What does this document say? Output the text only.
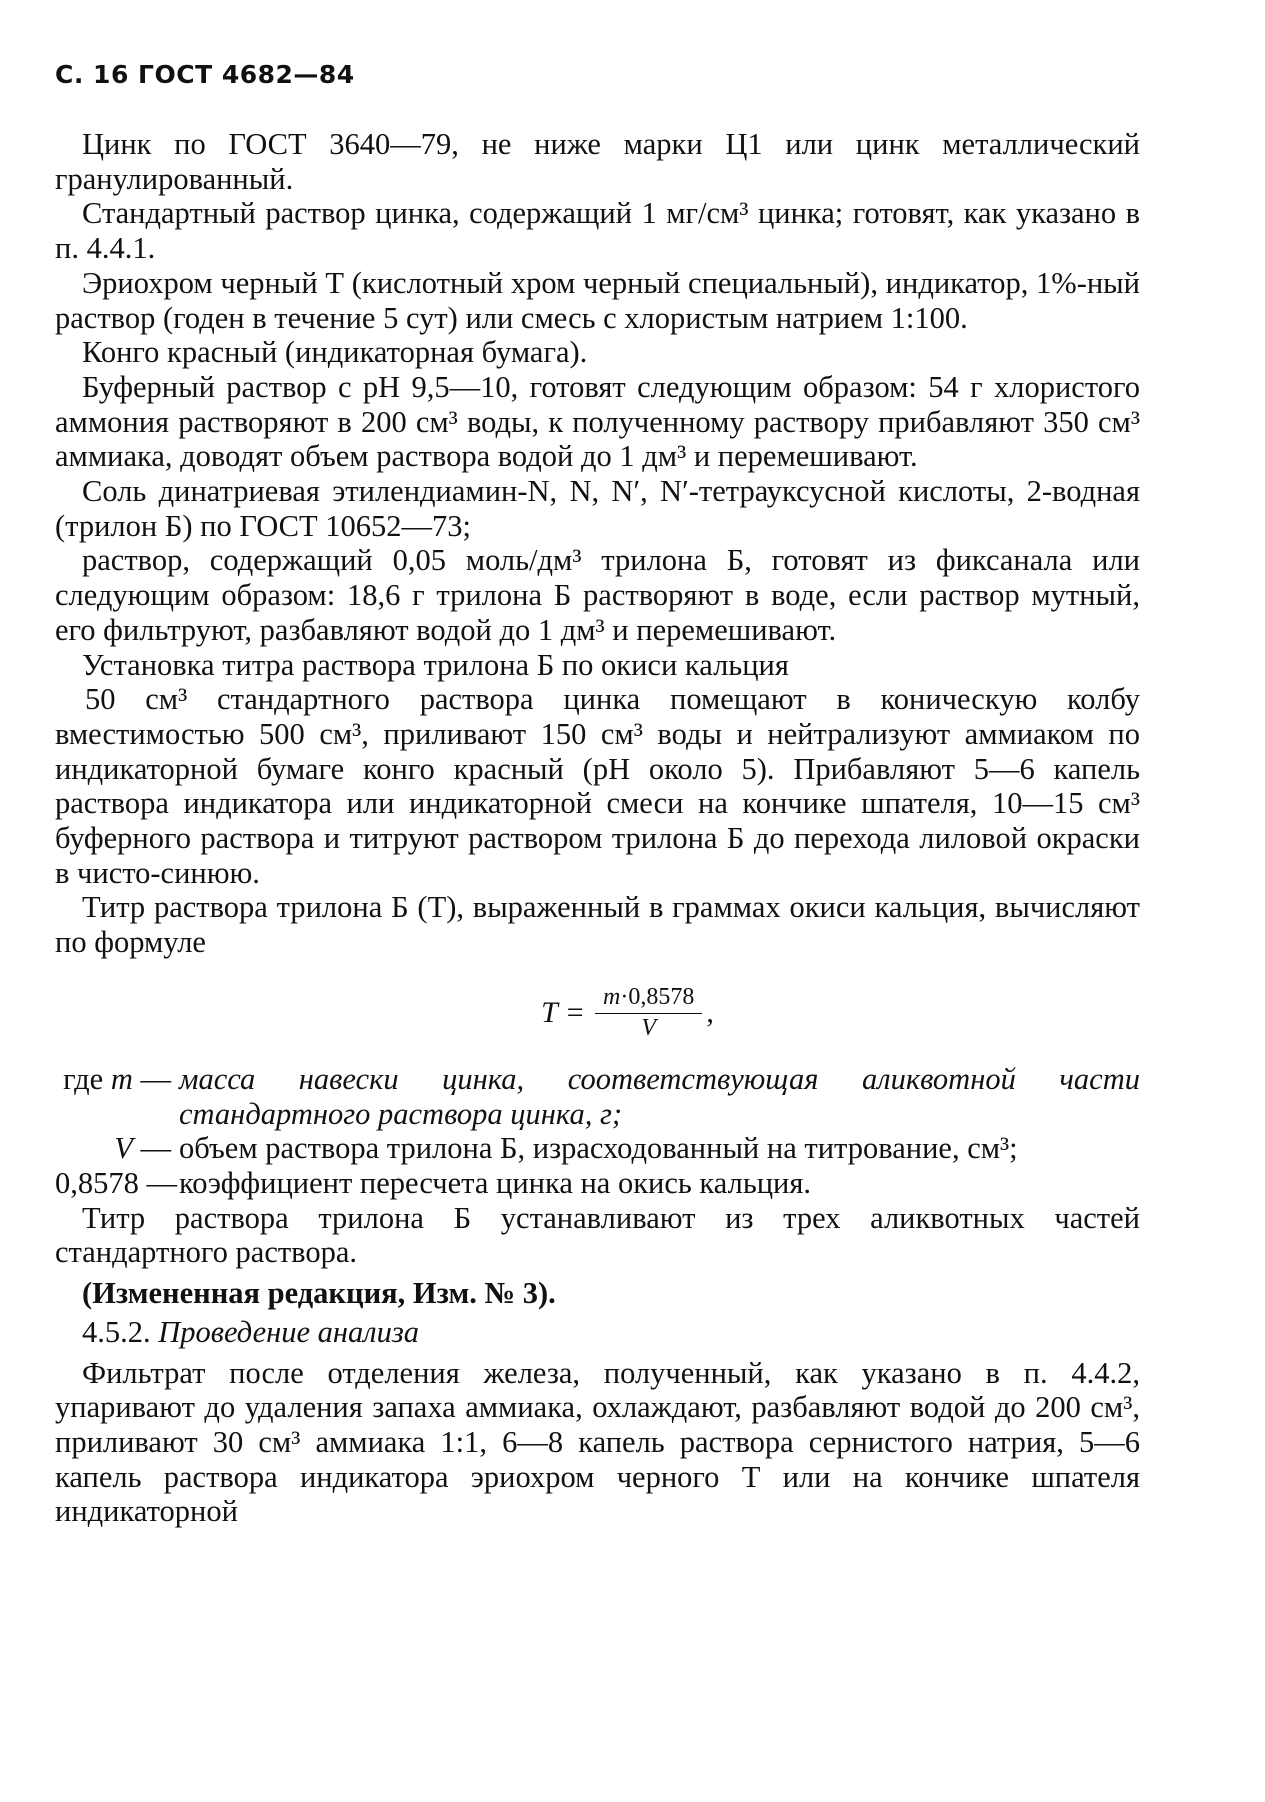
С. 16 ГОСТ 4682—84

Цинк по ГОСТ 3640—79, не ниже марки Ц1 или цинк металлический гранулированный.

Стандартный раствор цинка, содержащий 1 мг/см³ цинка; готовят, как указано в п. 4.4.1.

Эриохром черный Т (кислотный хром черный специальный), индикатор, 1%-ный раствор (годен в течение 5 сут) или смесь с хлористым натрием 1:100.

Конго красный (индикаторная бумага).

Буферный раствор с рН 9,5—10, готовят следующим образом: 54 г хлористого аммония растворяют в 200 см³ воды, к полученному раствору прибавляют 350 см³ аммиака, доводят объем раствора водой до 1 дм³ и перемешивают.

Соль динатриевая этилендиамин-N, N, N′, N′-тетрауксусной кислоты, 2-водная (трилон Б) по ГОСТ 10652—73;

раствор, содержащий 0,05 моль/дм³ трилона Б, готовят из фиксанала или следующим образом: 18,6 г трилона Б растворяют в воде, если раствор мутный, его фильтруют, разбавляют водой до 1 дм³ и перемешивают.

Установка титра раствора трилона Б по окиси кальция

50 см³ стандартного раствора цинка помещают в коническую колбу вместимостью 500 см³, приливают 150 см³ воды и нейтрализуют аммиаком по индикаторной бумаге конго красный (рН около 5). Прибавляют 5—6 капель раствора индикатора или индикаторной смеси на кончике шпателя, 10—15 см³ буферного раствора и титруют раствором трилона Б до перехода лиловой окраски в чисто-синюю.

Титр раствора трилона Б (Т), выраженный в граммах окиси кальция, вычисляют по формуле

$T = \frac{m\cdot 0,8578}{V}$ ,
где m — масса навески цинка, соответствующая аликвотной части стандартного раствора цинка, г;
V — объем раствора трилона Б, израсходованный на титрование, см³;
0,8578 — коэффициент пересчета цинка на окись кальция.

Титр раствора трилона Б устанавливают из трех аликвотных частей стандартного раствора.

(Измененная редакция, Изм. № 3).

4.5.2. Проведение анализа

Фильтрат после отделения железа, полученный, как указано в п. 4.4.2, упаривают до удаления запаха аммиака, охлаждают, разбавляют водой до 200 см³, приливают 30 см³ аммиака 1:1, 6—8 капель раствора сернистого натрия, 5—6 капель раствора индикатора эриохром черного Т или на кончике шпателя индикаторной
